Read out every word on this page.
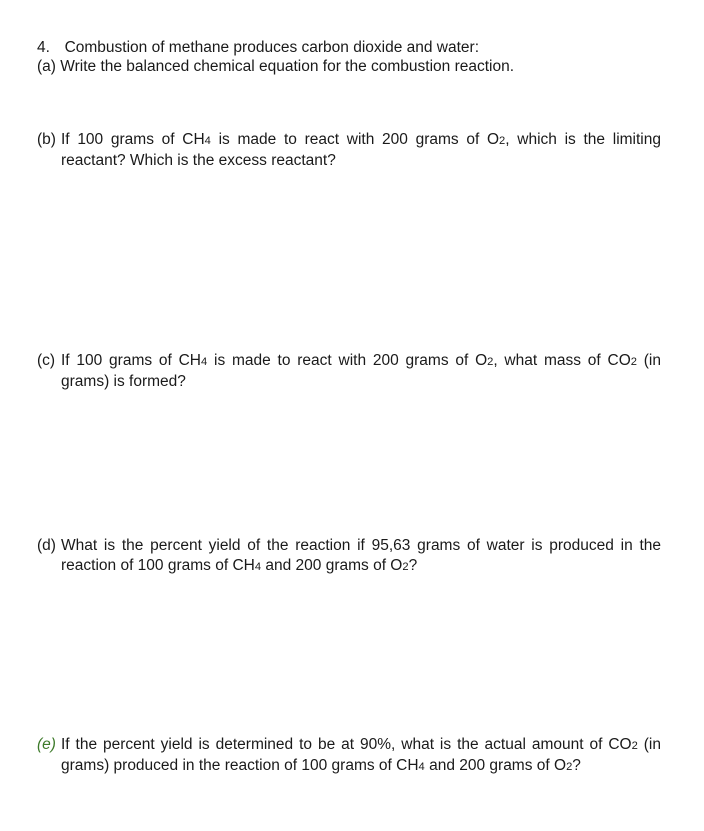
4. Combustion of methane produces carbon dioxide and water:
(a) Write the balanced chemical equation for the combustion reaction.
(b) If 100 grams of CH4 is made to react with 200 grams of O2, which is the limiting reactant? Which is the excess reactant?
(c) If 100 grams of CH4 is made to react with 200 grams of O2, what mass of CO2 (in grams) is formed?
(d) What is the percent yield of the reaction if 95,63 grams of water is produced in the reaction of 100 grams of CH4 and 200 grams of O2?
(e) If the percent yield is determined to be at 90%, what is the actual amount of CO2 (in grams) produced in the reaction of 100 grams of CH4 and 200 grams of O2?
